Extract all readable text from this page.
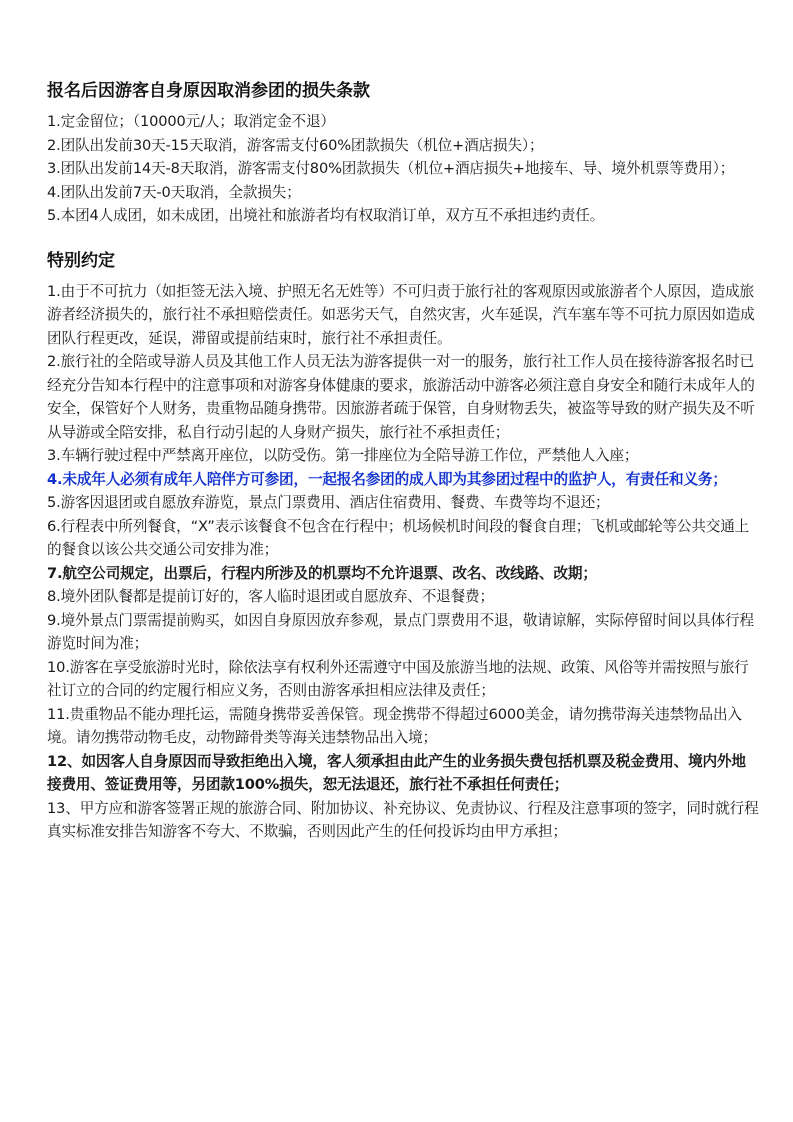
报名后因游客自身原因取消参团的损失条款

1.定金留位；（10000元/人；取消定金不退）

2.团队出发前30天-15天取消，游客需支付60%团款损失（机位+酒店损失）；

3.团队出发前14天-8天取消，游客需支付80%团款损失（机位+酒店损失+地接车、导、境外机票等费用）；

4.团队出发前7天-0天取消，全款损失；

5.本团4人成团，如未成团，出境社和旅游者均有权取消订单，双方互不承担违约责任。

特别约定

1.由于不可抗力（如拒签无法入境、护照无名无姓等）不可归责于旅行社的客观原因或旅游者个人原因，造成旅游者经济损失的，旅行社不承担赔偿责任。如恶劣天气，自然灾害，火车延误，汽车塞车等不可抗力原因如造成团队行程更改，延误，滞留或提前结束时，旅行社不承担责任。

2.旅行社的全陪或导游人员及其他工作人员无法为游客提供一对一的服务，旅行社工作人员在接待游客报名时已经充分告知本行程中的注意事项和对游客身体健康的要求，旅游活动中游客必须注意自身安全和随行未成年人的安全，保管好个人财务，贵重物品随身携带。因旅游者疏于保管，自身财物丢失，被盗等导致的财产损失及不听从导游或全陪安排，私自行动引起的人身财产损失，旅行社不承担责任；

3.车辆行驶过程中严禁离开座位，以防受伤。第一排座位为全陪导游工作位，严禁他人入座；

4.未成年人必须有成年人陪伴方可参团，一起报名参团的成人即为其参团过程中的监护人，有责任和义务；

5.游客因退团或自愿放弃游览，景点门票费用、酒店住宿费用、餐费、车费等均不退还；

6.行程表中所列餐食，“X”表示该餐食不包含在行程中；机场候机时间段的餐食自理；飞机或邮轮等公共交通上的餐食以该公共交通公司安排为准；

7.航空公司规定，出票后，行程内所涉及的机票均不允许退票、改名、改线路、改期；

8.境外团队餐都是提前订好的，客人临时退团或自愿放弃、不退餐费；

9.境外景点门票需提前购买，如因自身原因放弃参观，景点门票费用不退，敬请谅解，实际停留时间以具体行程游览时间为准；

10.游客在享受旅游时光时，除依法享有权利外还需遵守中国及旅游当地的法规、政策、风俗等并需按照与旅行社订立的合同的约定履行相应义务，否则由游客承担相应法律及责任；

11.贵重物品不能办理托运，需随身携带妥善保管。现金携带不得超过6000美金，请勿携带海关违禁物品出入境。请勿携带动物毛皮，动物蹄骨类等海关违禁物品出入境；

12、如因客人自身原因而导致拒绝出入境，客人须承担由此产生的业务损失费包括机票及税金费用、境内外地接费用、签证费用等，另团款100%损失，恕无法退还，旅行社不承担任何责任；

13、甲方应和游客签署正规的旅游合同、附加协议、补充协议、免责协议、行程及注意事项的签字，同时就行程真实标准安排告知游客不夸大、不欺骗，否则因此产生的任何投诉均由甲方承担；
